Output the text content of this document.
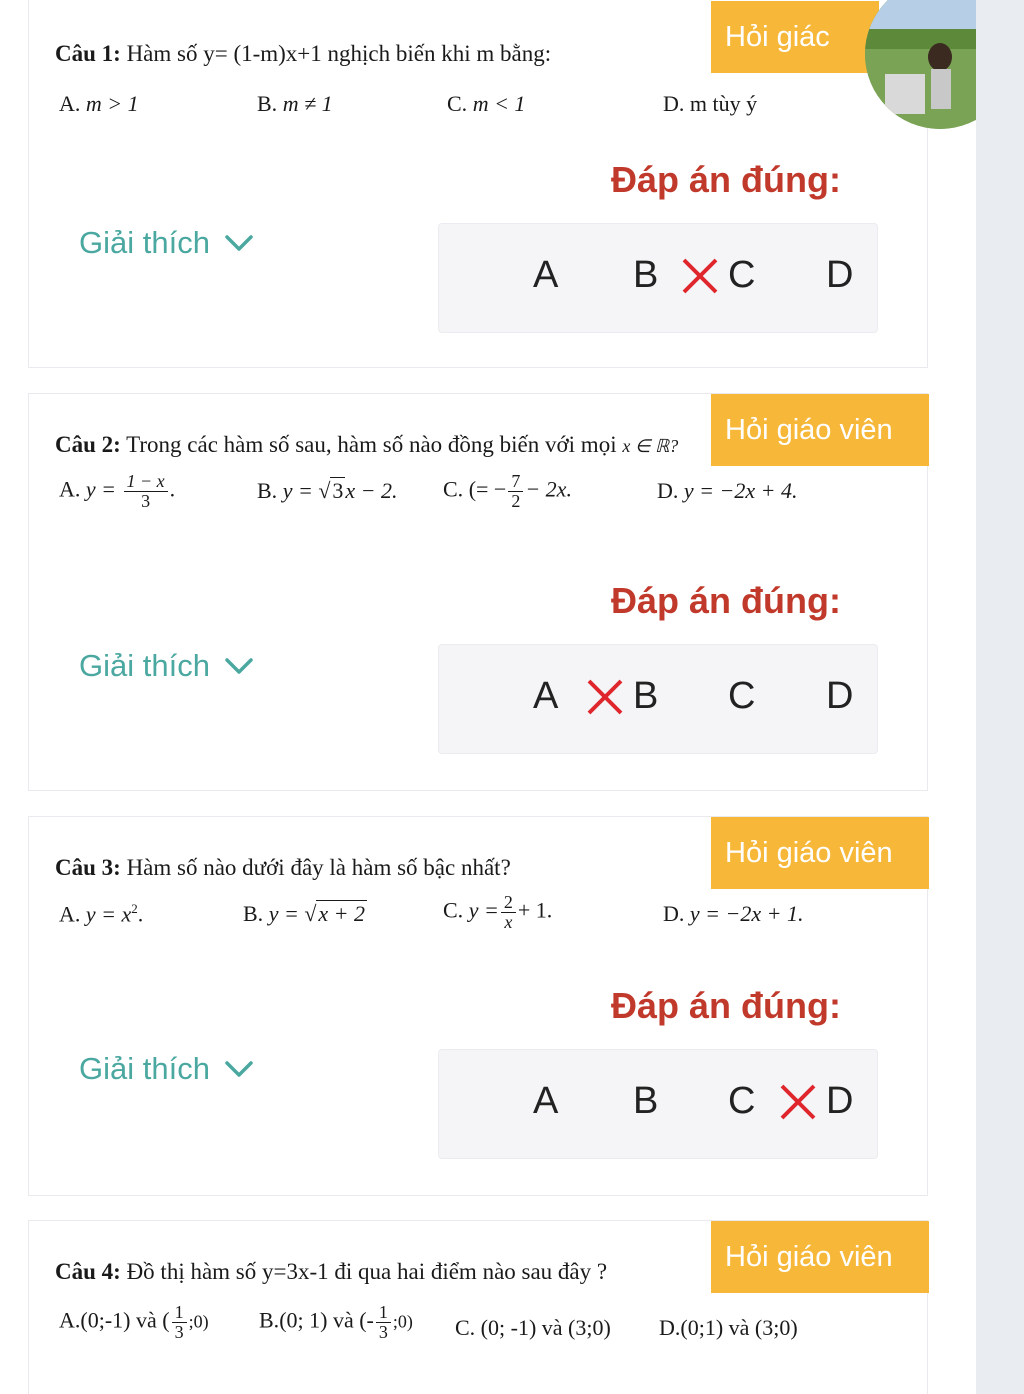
Câu 1: Hàm số y= (1-m)x+1 nghịch biến khi m bằng:
A. m > 1	B. m ≠ 1	C. m < 1	D. m tùy ý
Hỏi giác
Đáp án đúng:
Giải thích
A B C D
Câu 2: Trong các hàm số sau, hàm số nào đồng biến với mọi x ∈ ℝ?
Hỏi giáo viên
A. $y = \frac{1 - x}{3}$ .	B. y = √3x − 2. C. (= − $\frac{7}{2} - 2x$.	D. y = −2x + 4.
Đáp án đúng:
Giải thích
A B C D
Câu 3: Hàm số nào dưới đây là hàm số bậc nhất?	Hỏi giáo viên
A. $y = x^2$.	B. y = √x + 2	C. $y = \frac{2}{x} + 1$.	D. y = −2x + 1.
Đáp án đúng:
Giải thích
A B C D
Câu 4: Đồ thị hàm số y=3x-1 đi qua hai điểm nào sau đây ?	Hỏi giáo viên
A.(0;-1) và ( $\frac{1}{3}$ ;0) B.(0; 1) và (- $\frac{1}{3}$ ;0) C. (0; -1) và (3;0) D.(0;1) và (3;0)
